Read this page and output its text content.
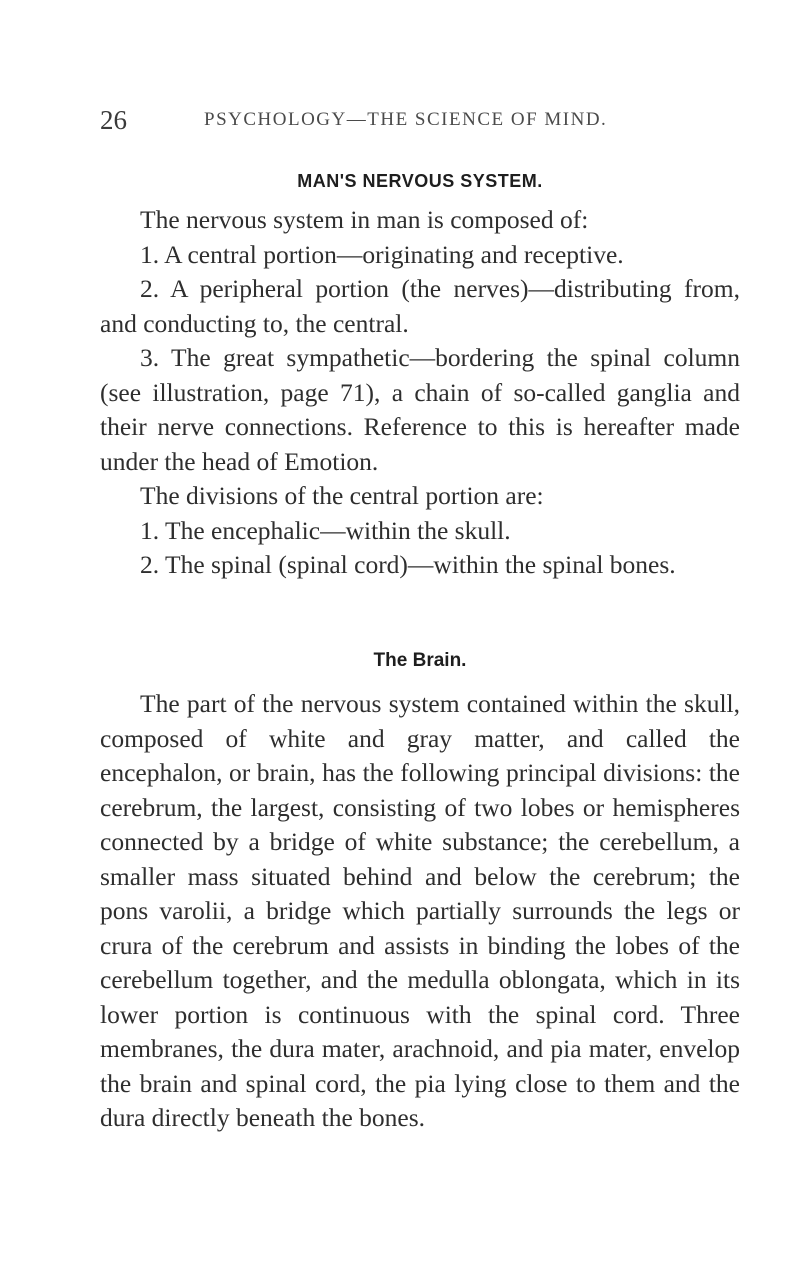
26	PSYCHOLOGY—THE SCIENCE OF MIND.
MAN'S NERVOUS SYSTEM.

The nervous system in man is composed of:

1. A central portion—originating and receptive.

2. A peripheral portion (the nerves)—distributing from, and conducting to, the central.

3. The great sympathetic—bordering the spinal column (see illustration, page 71), a chain of so-called ganglia and their nerve connections. Reference to this is hereafter made under the head of Emotion.

The divisions of the central portion are:

1. The encephalic—within the skull.

2. The spinal (spinal cord)—within the spinal bones.

The Brain.

The part of the nervous system contained within the skull, composed of white and gray matter, and called the encephalon, or brain, has the following principal divisions: the cerebrum, the largest, consisting of two lobes or hemispheres connected by a bridge of white substance; the cerebellum, a smaller mass situated behind and below the cerebrum; the pons varolii, a bridge which partially surrounds the legs or crura of the cerebrum and assists in binding the lobes of the cerebellum together, and the medulla oblongata, which in its lower portion is continuous with the spinal cord. Three membranes, the dura mater, arachnoid, and pia mater, envelop the brain and spinal cord, the pia lying close to them and the dura directly beneath the bones.
